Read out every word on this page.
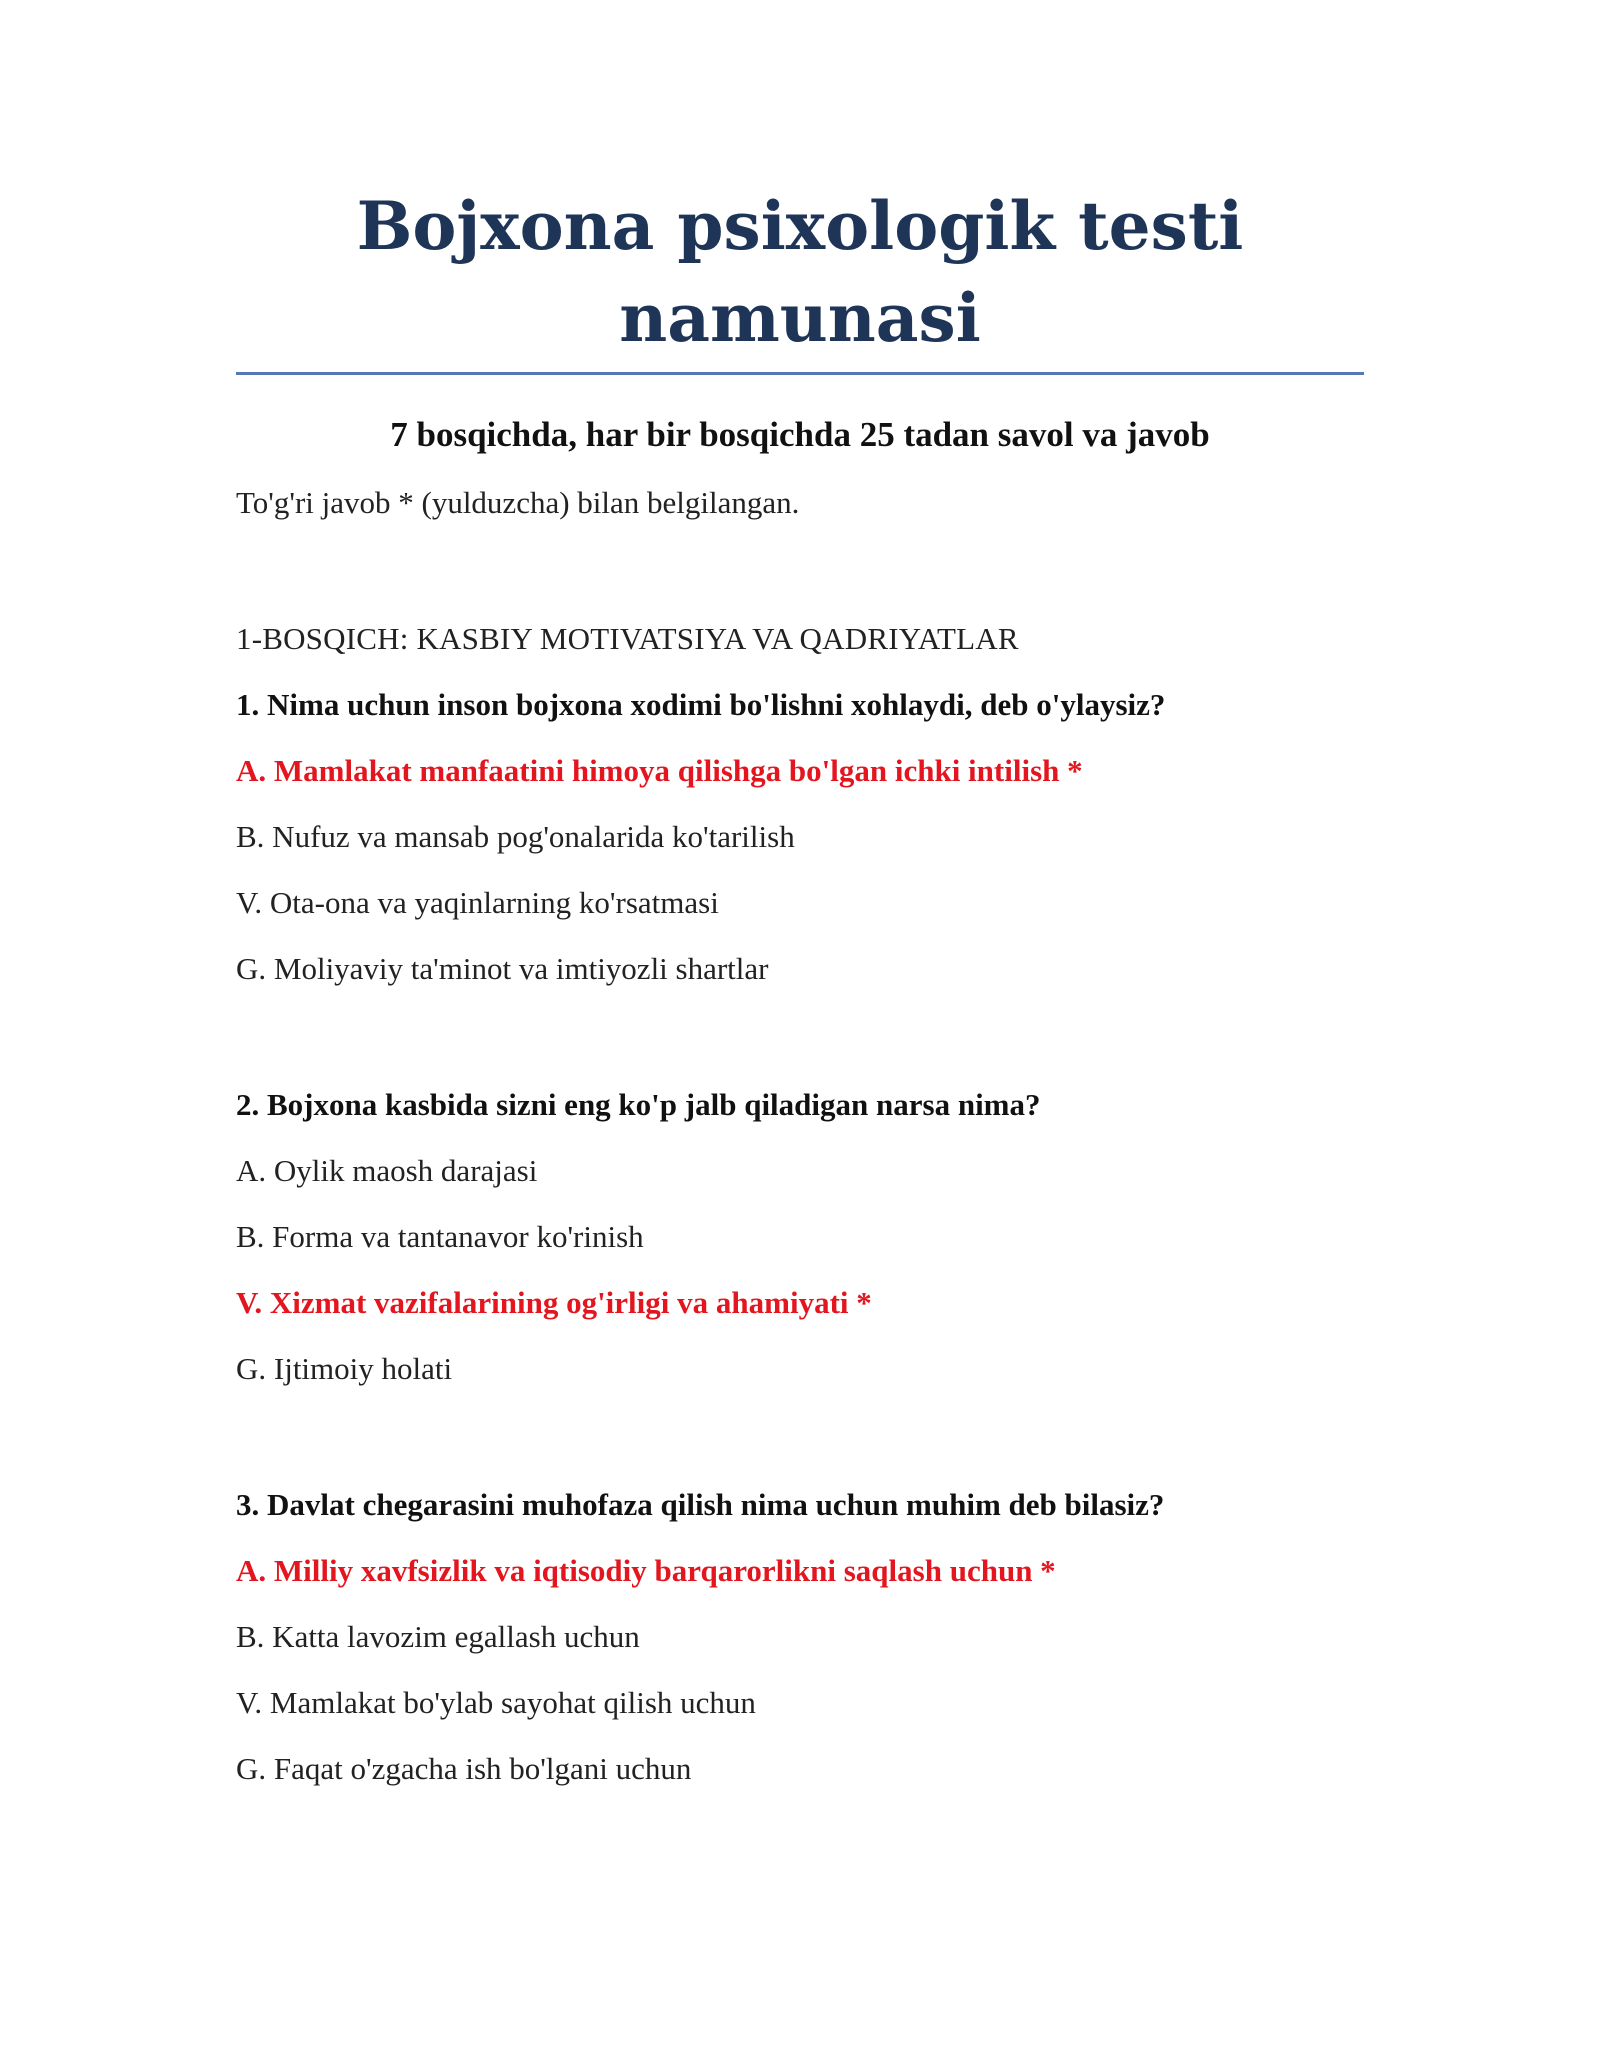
Bojxona psixologik testi namunasi

7 bosqichda, har bir bosqichda 25 tadan savol va javob

To'g'ri javob * (yulduzcha) bilan belgilangan.

1-BOSQICH: KASBIY MOTIVATSIYA VA QADRIYATLAR

1. Nima uchun inson bojxona xodimi bo'lishni xohlaydi, deb o'ylaysiz?

A. Mamlakat manfaatini himoya qilishga bo'lgan ichki intilish *
B. Nufuz va mansab pog'onalarida ko'tarilish
V. Ota-ona va yaqinlarning ko'rsatmasi
G. Moliyaviy ta'minot va imtiyozli shartlar

2. Bojxona kasbida sizni eng ko'p jalb qiladigan narsa nima?

A. Oylik maosh darajasi
B. Forma va tantanavor ko'rinish
V. Xizmat vazifalarining og'irligi va ahamiyati *
G. Ijtimoiy holati

3. Davlat chegarasini muhofaza qilish nima uchun muhim deb bilasiz?

A. Milliy xavfsizlik va iqtisodiy barqarorlikni saqlash uchun *
B. Katta lavozim egallash uchun
V. Mamlakat bo'ylab sayohat qilish uchun
G. Faqat o'zgacha ish bo'lgani uchun
